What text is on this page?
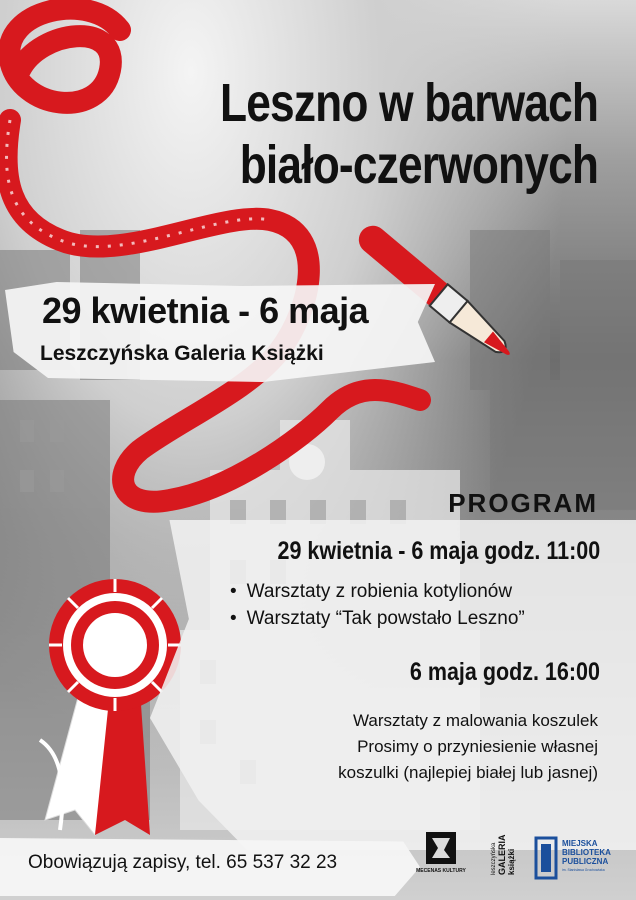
Leszno w barwach
biało-czerwonych
29 kwietnia - 6 maja
Leszczyńska Galeria Książki
PROGRAM
29 kwietnia - 6 maja godz. 11:00
• Warsztaty z robienia kotylionów
• Warsztaty “Tak powstało Leszno”
6 maja godz. 16:00
Warsztaty z malowania koszulek
Prosimy o przyniesienie własnej
koszulki (najlepiej białej lub jasnej)
Obowiązują zapisy, tel. 65 537 32 23	MECENAS KULTURY	leszczyńska GALERIA książki
MIEJSKA
BIBLIOTEKA
PUBLICZNA
im. Stanisława Grochowiaka
